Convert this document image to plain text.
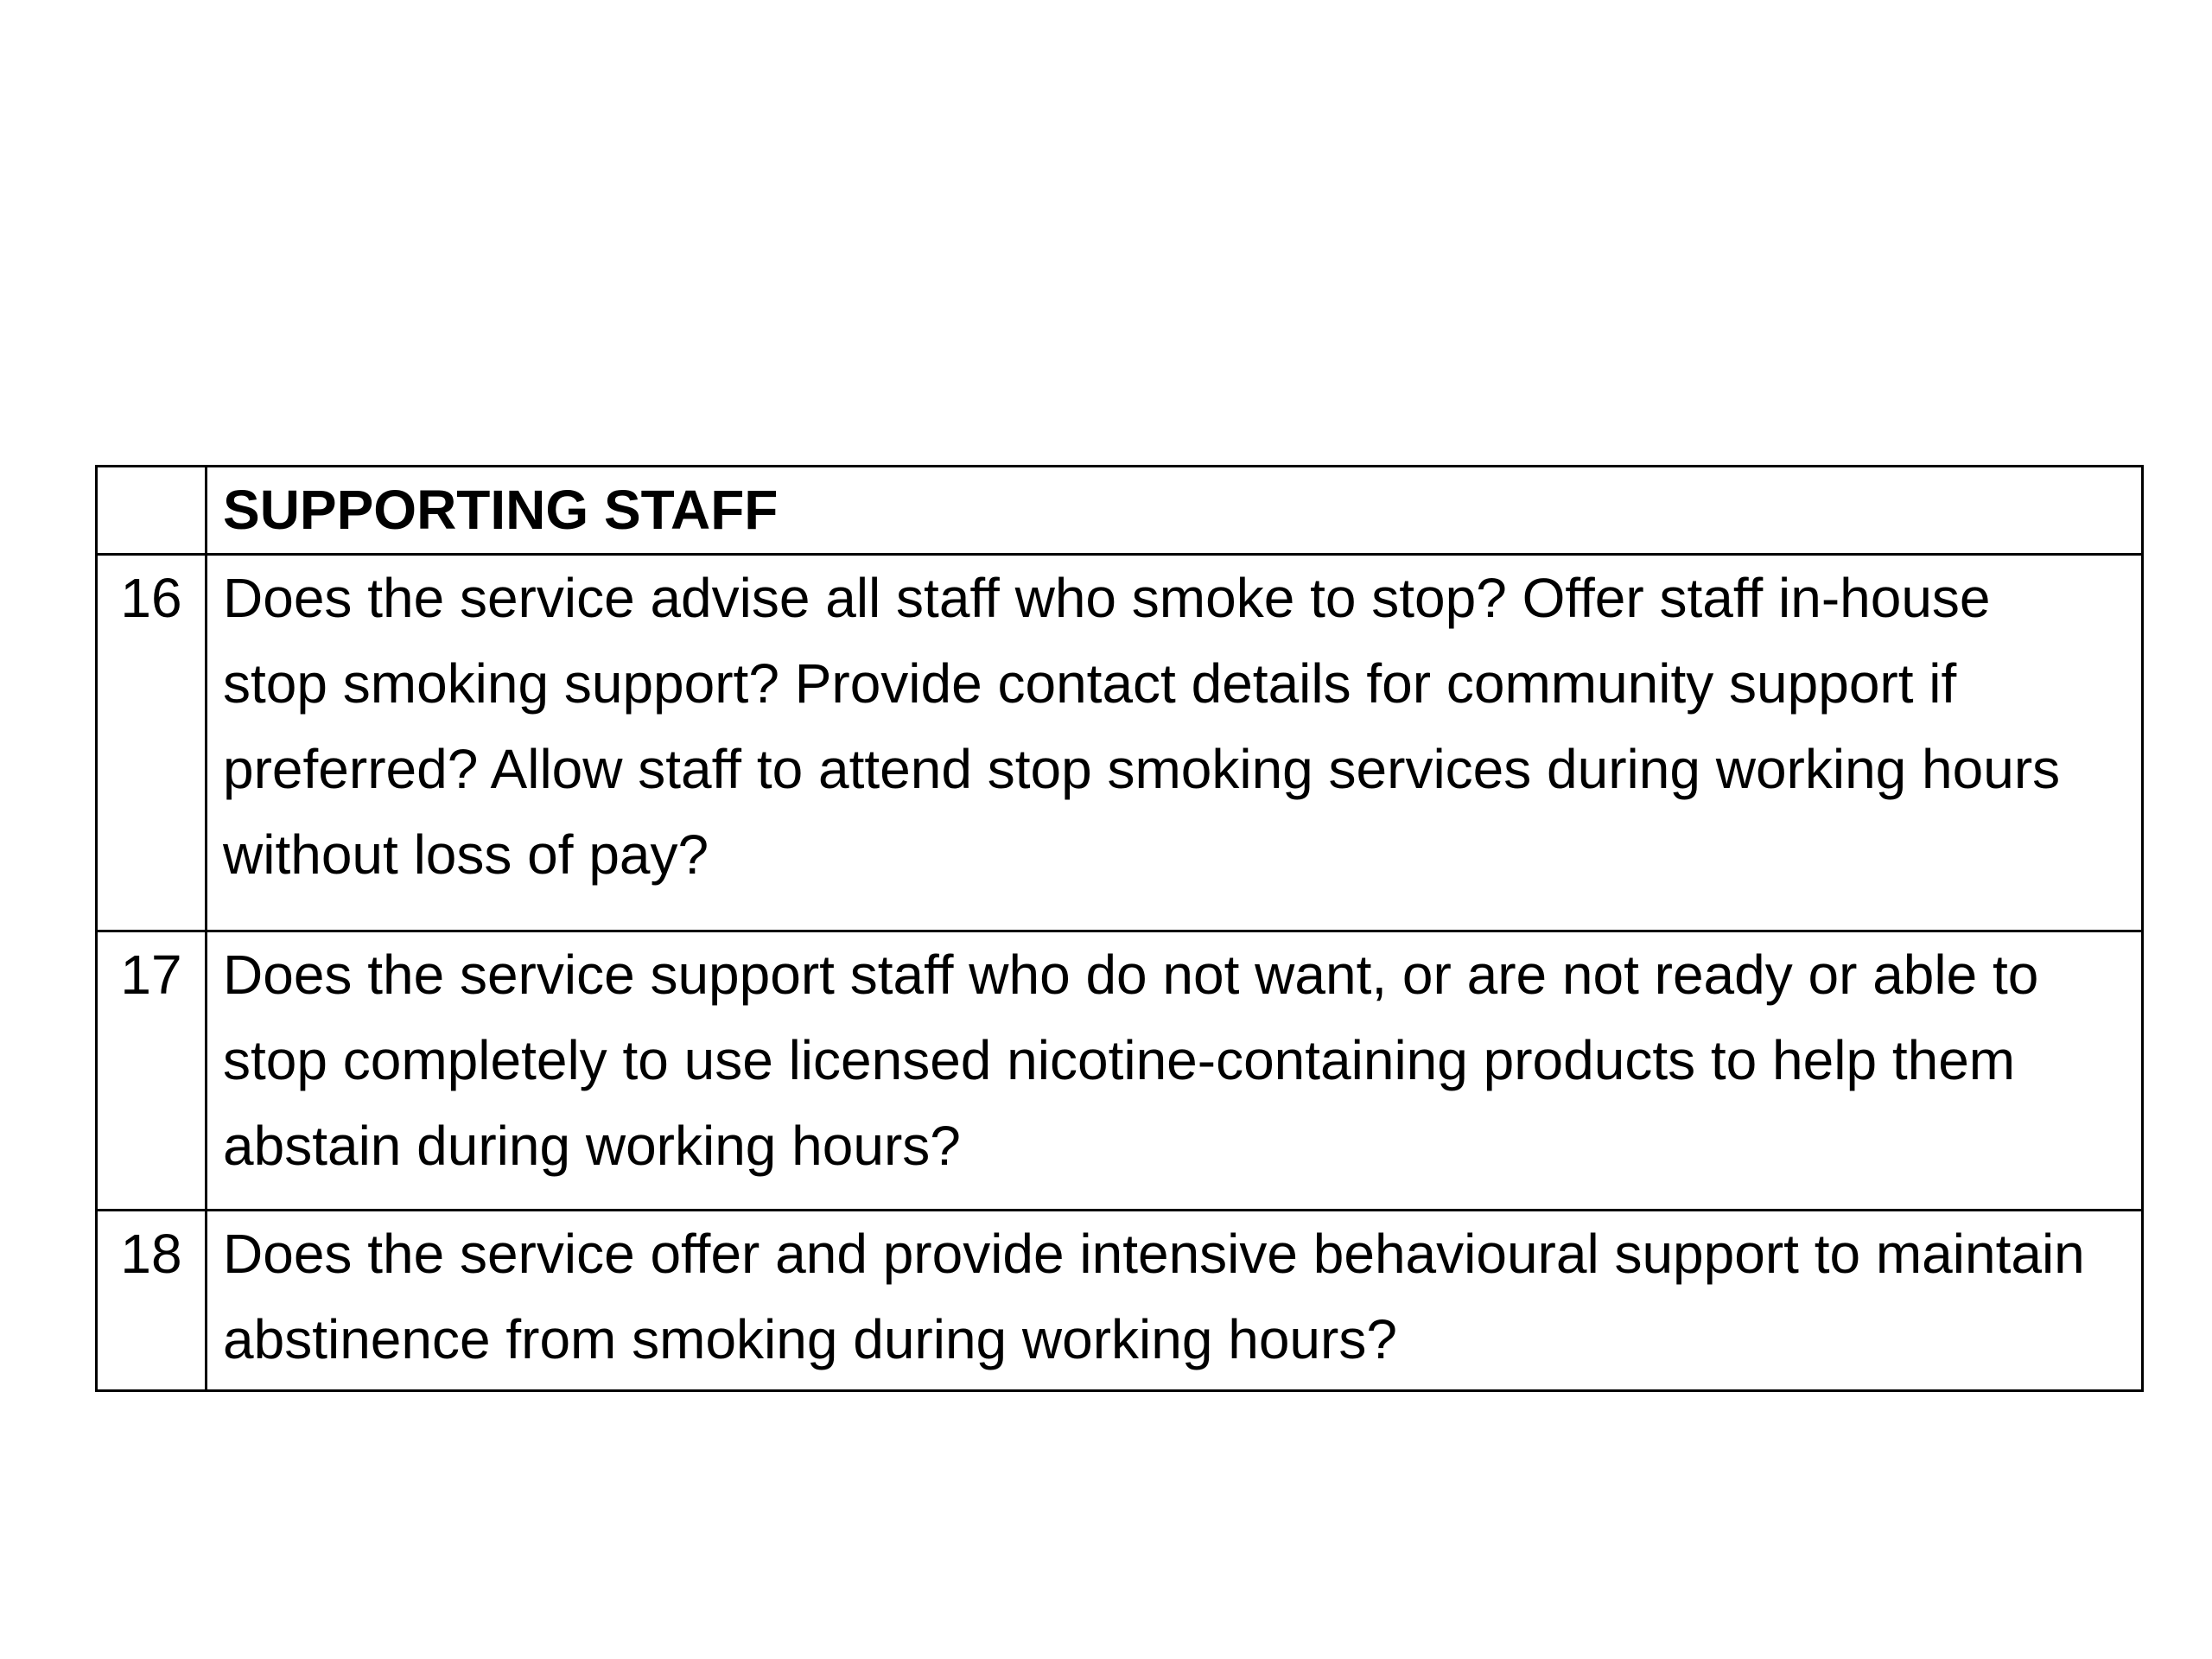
	SUPPORTING STAFF
16	Does the service advise all staff who smoke to stop? Offer staff in-house stop smoking support? Provide contact details for community support if preferred? Allow staff to attend stop smoking services during working hours without loss of pay?
17	Does the service support staff who do not want, or are not ready or able to stop completely to use licensed nicotine-containing products to help them abstain during working hours?
18	Does the service offer and provide intensive behavioural support to maintain abstinence from smoking during working hours?
